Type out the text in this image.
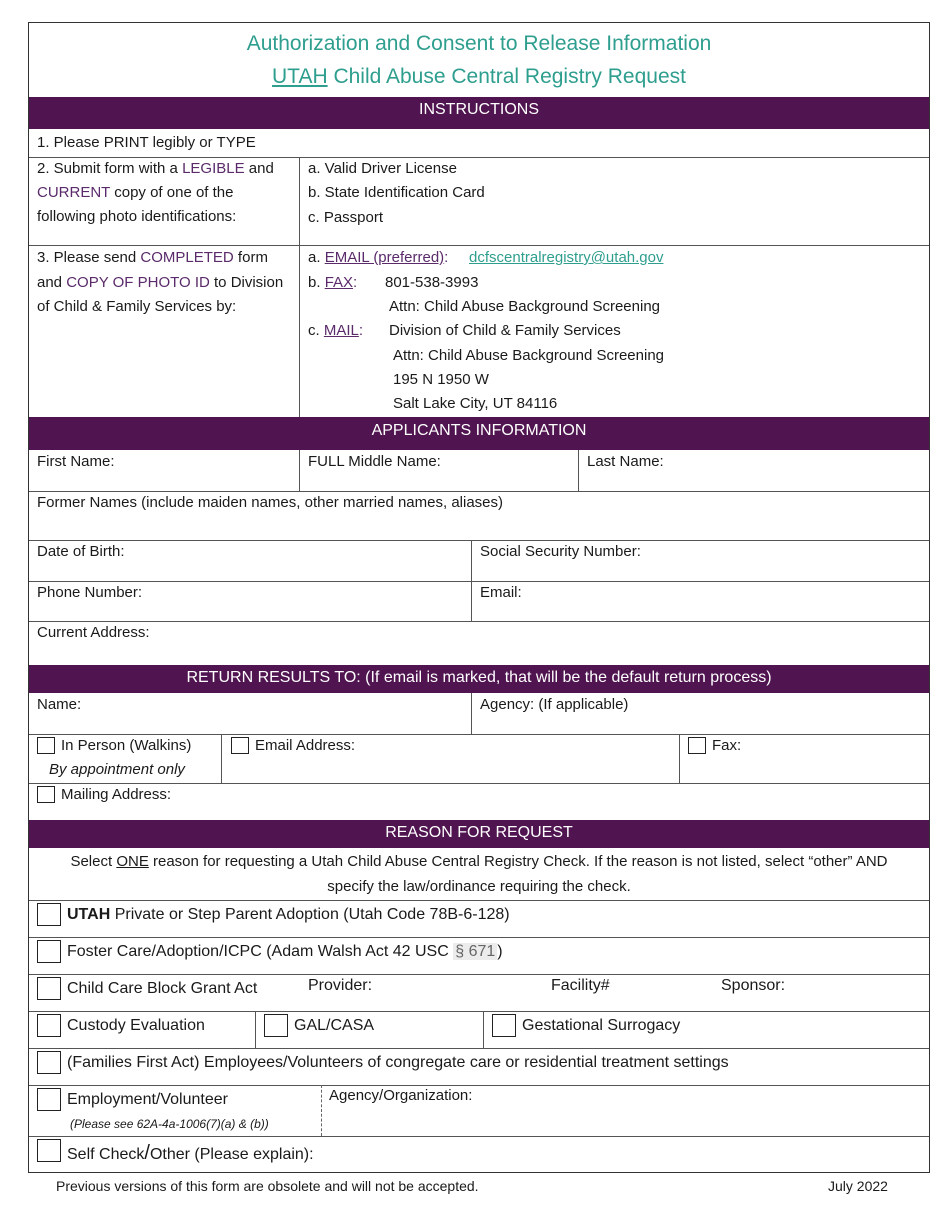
Authorization and Consent to Release Information
UTAH Child Abuse Central Registry Request
INSTRUCTIONS
1. Please PRINT legibly or TYPE
2. Submit form with a LEGIBLE and
CURRENT copy of one of the
following photo identifications:
a. Valid Driver License
b. State Identification Card
c. Passport
3. Please send COMPLETED form
and COPY OF PHOTO ID to Division
of Child & Family Services by:
a. EMAIL (preferred): dcfscentralregistry@utah.gov
b. FAX: 801-538-3993
Attn: Child Abuse Background Screening
c. MAIL: Division of Child & Family Services
Attn: Child Abuse Background Screening
195 N 1950 W
Salt Lake City, UT 84116
APPLICANTS INFORMATION
First Name:	FULL Middle Name:	Last Name:
Former Names (include maiden names, other married names, aliases)
Date of Birth:	Social Security Number:
Phone Number:	Email:
Current Address:
RETURN RESULTS TO: (If email is marked, that will be the default return process)
Name:	Agency: (If applicable)
In Person (Walkins)
By appointment only
Email Address:	Fax:
Mailing Address:
REASON FOR REQUEST
Select ONE reason for requesting a Utah Child Abuse Central Registry Check. If the reason is not listed, select “other” AND
specify the law/ordinance requiring the check.
UTAH Private or Step Parent Adoption (Utah Code 78B-6-128)
Foster Care/Adoption/ICPC (Adam Walsh Act 42 USC § 671 )
Child Care Block Grant Act	Provider:	Facility#	Sponsor:
Custody Evaluation	GAL/CASA	Gestational Surrogacy
(Families First Act) Employees/Volunteers of congregate care or residential treatment settings
Employment/Volunteer
(Please see 62A-4a-1006(7)(a) & (b))
Agency/Organization:
Self Check/Other (Please explain):
Previous versions of this form are obsolete and will not be accepted.	July 2022
